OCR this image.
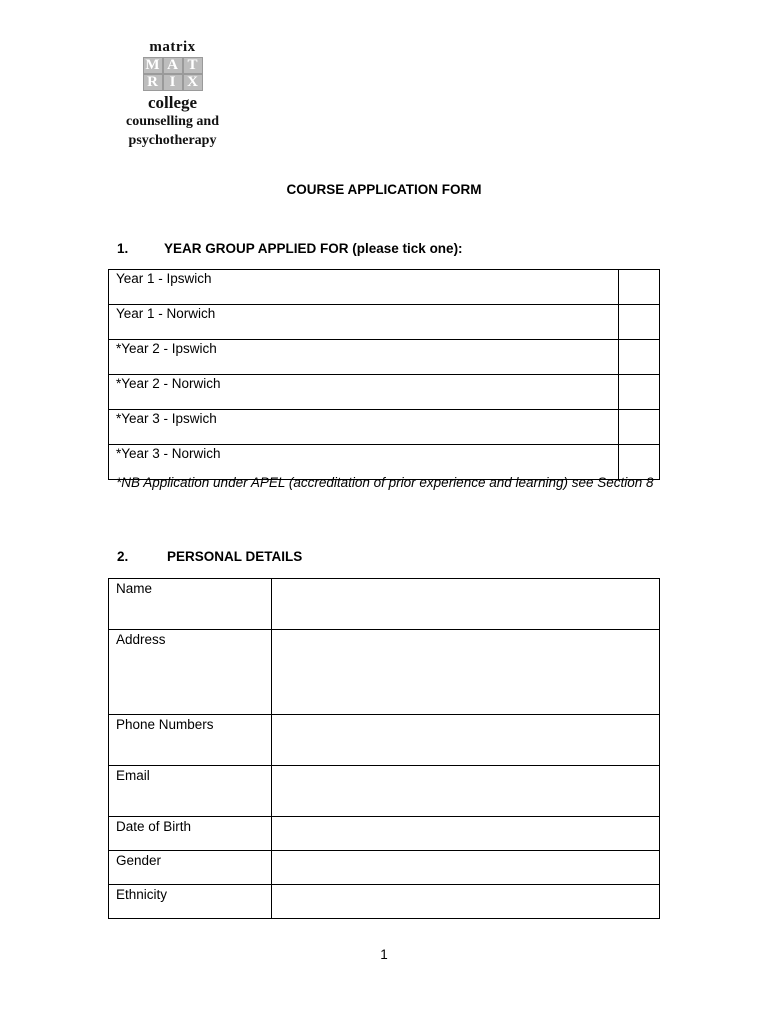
matrix
M A T
R I X
college
counselling and
psychotherapy
COURSE APPLICATION FORM
1.	YEAR GROUP APPLIED FOR (please tick one):
Year 1 - Ipswich	
Year 1 - Norwich	
*Year 2 - Ipswich	
*Year 2 - Norwich	
*Year 3 - Ipswich	
*Year 3 - Norwich	
*NB Application under APEL (accreditation of prior experience and learning) see Section 8
2.	PERSONAL DETAILS
Name	
Address	
Phone Numbers	
Email	
Date of Birth	
Gender	
Ethnicity	
1
